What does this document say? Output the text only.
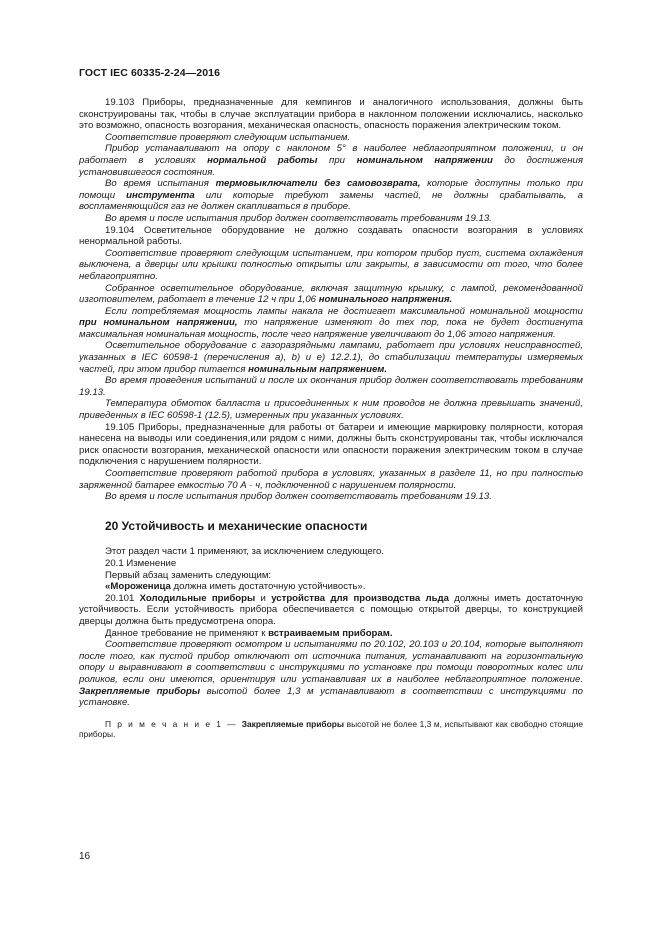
ГОСТ IEC 60335-2-24—2016

19.103 Приборы, предназначенные для кемпингов и аналогичного использования, должны быть сконструированы так, чтобы в случае эксплуатации прибора в наклонном положении исключались, насколько это возможно, опасность возгорания, механическая опасность, опасность поражения электрическим током.

Соответствие проверяют следующим испытанием.

Прибор устанавливают на опору с наклоном 5° в наиболее неблагоприятном положении, и он работает в условиях нормальной работы при номинальном напряжении до достижения установившегося состояния.

Во время испытания термовыключатели без самовозврата, которые доступны только при помощи инструмента или которые требуют замены частей, не должны срабатывать, а воспламеняющийся газ не должен скапливаться в приборе.

Во время и после испытания прибор должен соответствовать требованиям 19.13.

19.104 Осветительное оборудование не должно создавать опасности возгорания в условиях ненормальной работы.

Соответствие проверяют следующим испытанием, при котором прибор пуст, система охлаждения выключена, а дверцы или крышки полностью открыты или закрыты, в зависимости от того, что более неблагоприятно.

Собранное осветительное оборудование, включая защитную крышку, с лампой, рекомендованной изготовителем, работает в течение 12 ч при 1,06 номинального напряжения.

Если потребляемая мощность лампы накала не достигает максимальной номинальной мощности при номинальном напряжении, то напряжение изменяют до тех пор, пока не будет достигнута максимальная номинальная мощность, после чего напряжение увеличивают до 1,06 этого напряжения.

Осветительное оборудование с газоразрядными лампами, работает при условиях неисправностей, указанных в IEC 60598-1 (перечисления a), b) и e) 12.2.1), до стабилизации температуры измеряемых частей, при этом прибор питается номинальным напряжением.

Во время проведения испытаний и после их окончания прибор должен соответствовать требованиям 19.13.

Температура обмоток балласта и присоединенных к ним проводов не должна превышать значений, приведенных в IEC 60598-1 (12.5), измеренных при указанных условиях.

19.105 Приборы, предназначенные для работы от батареи и имеющие маркировку полярности, которая нанесена на выводы или соединения,или рядом с ними, должны быть сконструированы так, чтобы исключался риск опасности возгорания, механической опасности или опасности поражения электрическим током в случае подключения с нарушением полярности.

Соответствие проверяют работой прибора в условиях, указанных в разделе 11, но при полностью заряженной батарее емкостью 70 А · ч, подключенной с нарушением полярности.

Во время и после испытания прибор должен соответствовать требованиям 19.13.

20 Устойчивость и механические опасности

Этот раздел части 1 применяют, за исключением следующего.

20.1 Изменение

Первый абзац заменить следующим:

«Мороженица должна иметь достаточную устойчивость».

20.101 Холодильные приборы и устройства для производства льда должны иметь достаточную устойчивость. Если устойчивость прибора обеспечивается с помощью открытой дверцы, то конструкцией дверцы должна быть предусмотрена опора.

Данное требование не применяют к встраиваемым приборам.

Соответствие проверяют осмотром и испытаниями по 20.102, 20.103 и 20.104, которые выполняют после того, как пустой прибор отключают от источника питания, устанавливают на горизонтальную опору и выравнивают в соответствии с инструкциями по установке при помощи поворотных колес или роликов, если они имеются, ориентируя или устанавливая их в наиболее неблагоприятное положение. Закрепляемые приборы высотой более 1,3 м устанавливают в соответствии с инструкциями по установке.

П р и м е ч а н и е 1 — Закрепляемые приборы высотой не более 1,3 м, испытывают как свободно стоящие приборы.

16
